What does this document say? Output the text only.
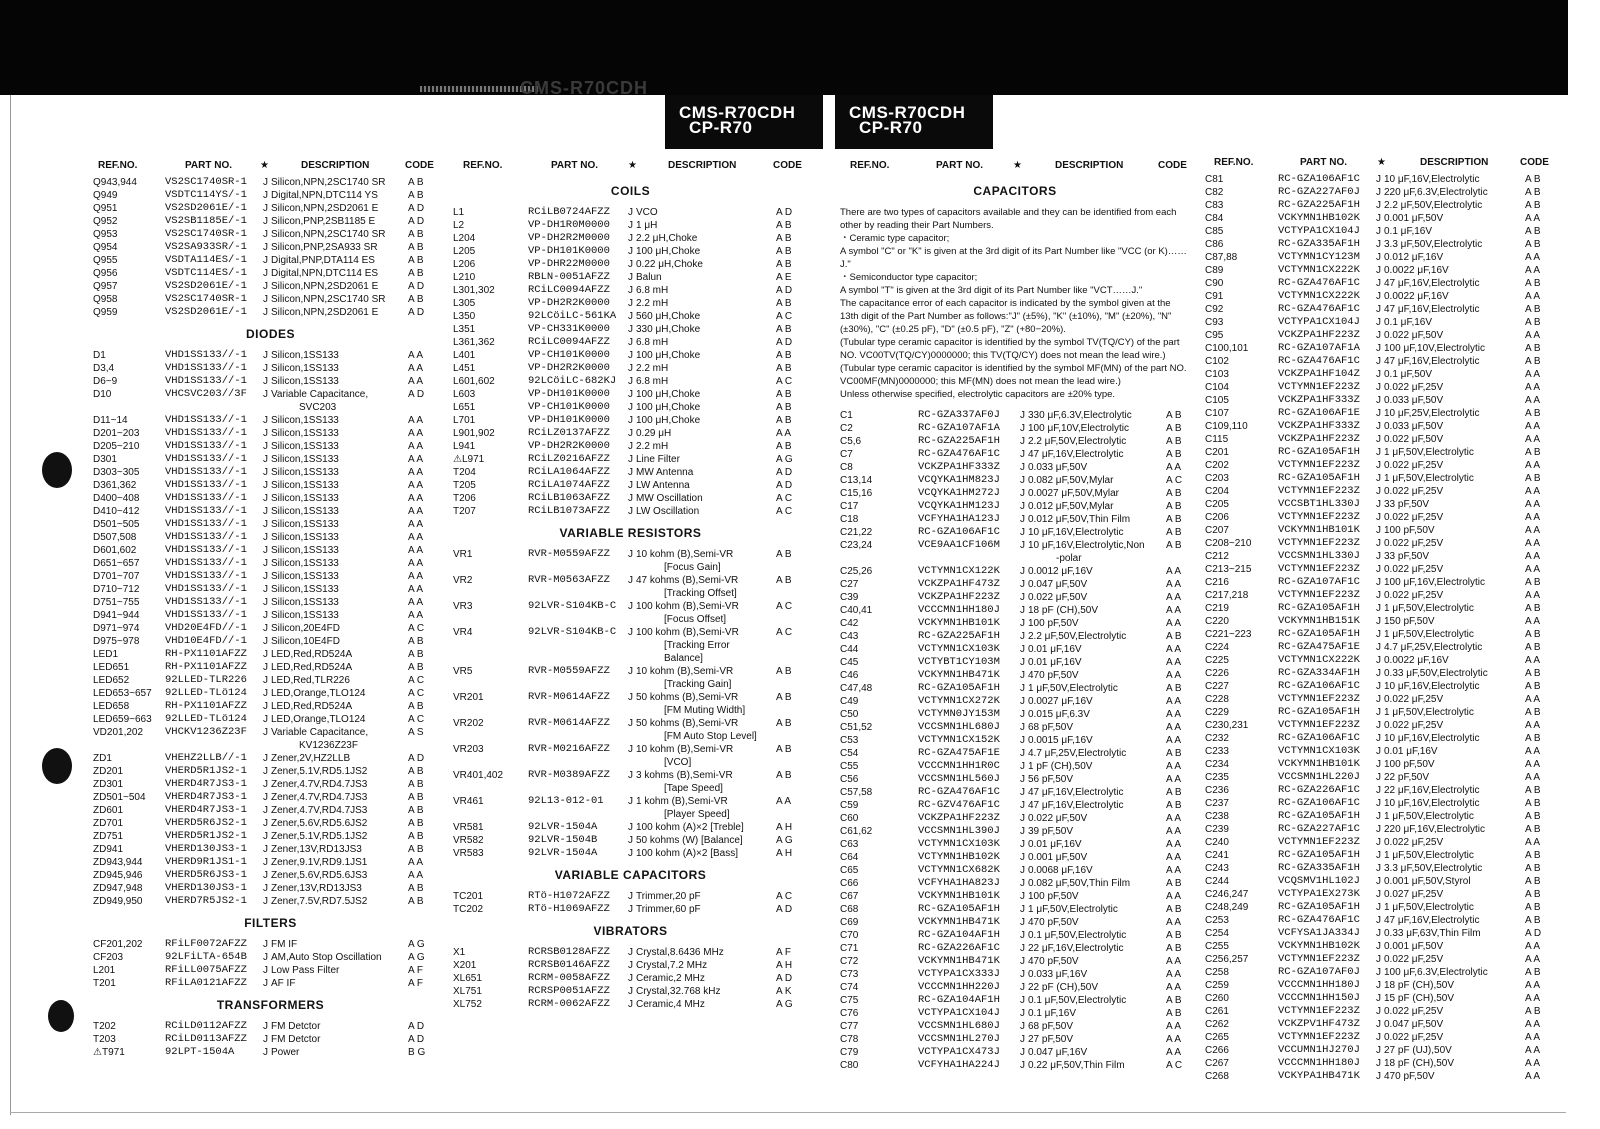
CMS-R70CDH
CMS-R70CDH
CP-R70
CMS-R70CDH
CP-R70
REF.NO.	PART NO.	★	DESCRIPTION	CODE
Q943,944	VS2SC1740SR-1 J Silicon,NPN,2SC1740 SR A B
Q949	VSDTC114YS/-1 J Digital,NPN,DTC114 YS	A B
Q951	VS2SD2061E/-1 J Silicon,NPN,2SD2061 E	A D
Q952	VS2SB1185E/-1 J Silicon,PNP,2SB1185 E	A D
Q953	VS2SC1740SR-1 J Silicon,NPN,2SC1740 SR A B
Q954	VS2SA933SR/-1 J Silicon,PNP,2SA933 SR	A B
Q955	VSDTA114ES/-1 J Digital,PNP,DTA114 ES	A B
Q956	VSDTC114ES/-1 J Digital,NPN,DTC114 ES	A B
Q957	VS2SD2061E/-1 J Silicon,NPN,2SD2061 E	A D
Q958	VS2SC1740SR-1 J Silicon,NPN,2SC1740 SR A B
Q959	VS2SD2061E/-1 J Silicon,NPN,2SD2061 E	A D
DIODES
D1	VHD1SS133//-1 J Silicon,1SS133	A A
D3,4	VHD1SS133//-1 J Silicon,1SS133	A A
D6~9	VHD1SS133//-1 J Silicon,1SS133	A A
D10	VHCSVC203//3F J Variable Capacitance,	A D
SVC203
D11~14	VHD1SS133//-1 J Silicon,1SS133	A A
D201~203 VHD1SS133//-1 J Silicon,1SS133	A A
D205~210 VHD1SS133//-1 J Silicon,1SS133	A A
D301	VHD1SS133//-1 J Silicon,1SS133	A A
D303~305 VHD1SS133//-1 J Silicon,1SS133	A A
D361,362	VHD1SS133//-1 J Silicon,1SS133	A A
D400~408 VHD1SS133//-1 J Silicon,1SS133	A A
D410~412 VHD1SS133//-1 J Silicon,1SS133	A A
D501~505 VHD1SS133//-1 J Silicon,1SS133	A A
D507,508	VHD1SS133//-1 J Silicon,1SS133	A A
D601,602	VHD1SS133//-1 J Silicon,1SS133	A A
D651~657 VHD1SS133//-1 J Silicon,1SS133	A A
D701~707 VHD1SS133//-1 J Silicon,1SS133	A A
D710~712 VHD1SS133//-1 J Silicon,1SS133	A A
D751~755 VHD1SS133//-1 J Silicon,1SS133	A A
D941~944 VHD1SS133//-1 J Silicon,1SS133	A A
D971~974 VHD20E4FD//-1 J Silicon,20E4FD	A C
D975~978 VHD10E4FD//-1 J Silicon,10E4FD	A B
LED1	RH-PX1101AFZZ J LED,Red,RD524A	A B
LED651	RH-PX1101AFZZ J LED,Red,RD524A	A B
LED652	92LLED-TLR226 J LED,Red,TLR226	A C
LED653~657 92LLED-TLö124 J LED,Orange,TLO124	A C
LED658	RH-PX1101AFZZ J LED,Red,RD524A	A B
LED659~663 92LLED-TLö124 J LED,Orange,TLO124	A C
VD201,202 VHCKV1236Z23F J Variable Capacitance,	A S
KV1236Z23F
ZD1	VHEHZ2LLB//-1 J Zener,2V,HZ2LLB	A D
ZD201	VHERD5R1JS2-1 J Zener,5.1V,RD5.1JS2	A B
ZD301	VHERD4R7JS3-1 J Zener,4.7V,RD4.7JS3	A B
ZD501~504 VHERD4R7JS3-1 J Zener,4.7V,RD4.7JS3	A B
ZD601	VHERD4R7JS3-1 J Zener,4.7V,RD4.7JS3	A B
ZD701	VHERD5R6JS2-1 J Zener,5.6V,RD5.6JS2	A B
ZD751	VHERD5R1JS2-1 J Zener,5.1V,RD5.1JS2	A B
ZD941	VHERD130JS3-1 J Zener,13V,RD13JS3	A B
ZD943,944 VHERD9R1JS1-1 J Zener,9.1V,RD9.1JS1	A A
ZD945,946 VHERD5R6JS3-1 J Zener,5.6V,RD5.6JS3	A A
ZD947,948 VHERD130JS3-1 J Zener,13V,RD13JS3	A B
ZD949,950 VHERD7R5JS2-1 J Zener,7.5V,RD7.5JS2	A B
FILTERS
CF201,202 RFiLF0072AFZZ J FM IF	A G
CF203	92LFiLTA-654B J AM,Auto Stop Oscillation	A G
L201	RFiLL0075AFZZ J Low Pass Filter	A F
T201	RFiLA0121AFZZ J AF IF	A F
TRANSFORMERS
T202	RCiLD0112AFZZ J FM Detctor	A D
T203	RCiLD0113AFZZ J FM Detctor	A D
⚠T971	92LPT-1504A	J Power	B G
REF.NO.	PART NO.	★	DESCRIPTION	CODE
COILS
L1	RCiLB0724AFZZ J VCO	A D
L2	VP-DH1R0M0000 J 1 μH	A B
L204	VP-DH2R2M0000 J 2.2 μH,Choke	A B
L205	VP-DH101K0000 J 100 μH,Choke	A B
L206	VP-DHR22M0000 J 0.22 μH,Choke	A B
L210	RBLN-0051AFZZ J Balun	A E
L301,302	RCiLC0094AFZZ J 6.8 mH	A D
L305	VP-DH2R2K0000 J 2.2 mH	A B
L350	92LCöiLC-561KA J 560 μH,Choke	A C
L351	VP-CH331K0000 J 330 μH,Choke	A B
L361,362	RCiLC0094AFZZ J 6.8 mH	A D
L401	VP-CH101K0000 J 100 μH,Choke	A B
L451	VP-DH2R2K0000 J 2.2 mH	A B
L601,602	92LCöiLC-682KJ J 6.8 mH	A C
L603	VP-DH101K0000 J 100 μH,Choke	A B
L651	VP-CH101K0000 J 100 μH,Choke	A B
L701	VP-DH101K0000 J 100 μH,Choke	A B
L901,902	RCiLZ0137AFZZ J 0.29 μH	A A
L941	VP-DH2R2K0000 J 2.2 mH	A B
⚠L971	RCiLZ0216AFZZ J Line Filter	A G
T204	RCiLA1064AFZZ J MW Antenna	A D
T205	RCiLA1074AFZZ J LW Antenna	A D
T206	RCiLB1063AFZZ J MW Oscillation	A C
T207	RCiLB1073AFZZ J LW Oscillation	A C
VARIABLE RESISTORS
VR1	RVR-M0559AFZZ J 10 kohm (B),Semi-VR	A B
[Focus Gain]
VR2	RVR-M0563AFZZ J 47 kohms (B),Semi-VR	A B
[Tracking Offset]
VR3	92LVR-S104KB-C J 100 kohm (B),Semi-VR	A C
[Focus Offset]
VR4	92LVR-S104KB-C J 100 kohm (B),Semi-VR	A C
[Tracking Error
Balance]
VR5	RVR-M0559AFZZ J 10 kohm (B),Semi-VR	A B
[Tracking Gain]
VR201	RVR-M0614AFZZ J 50 kohms (B),Semi-VR	A B
[FM Muting Width]
VR202	RVR-M0614AFZZ J 50 kohms (B),Semi-VR	A B
[FM Auto Stop Level]
VR203	RVR-M0216AFZZ J 10 kohm (B),Semi-VR	A B
[VCO]
VR401,402 RVR-M0389AFZZ J 3 kohms (B),Semi-VR	A B
[Tape Speed]
VR461	92L13-012-01 J 1 kohm (B),Semi-VR	A A
[Player Speed]
VR581	92LVR-1504A	J 100 kohm (A)×2 [Treble]	A H
VR582	92LVR-1504B	J 50 kohms (W) [Balance]	A G
VR583	92LVR-1504A	J 100 kohm (A)×2 [Bass]	A H
VARIABLE CAPACITORS
TC201	RTö-H1072AFZZ J Trimmer,20 pF	A C
TC202	RTö-H1069AFZZ J Trimmer,60 pF	A D
VIBRATORS
X1	RCRSB0128AFZZ J Crystal,8.6436 MHz	A F
X201	RCRSB0146AFZZ J Crystal,7.2 MHz	A H
XL651	RCRM-0058AFZZ J Ceramic,2 MHz	A D
XL751	RCRSP0051AFZZ J Crystal,32.768 kHz	A K
XL752	RCRM-0062AFZZ J Ceramic,4 MHz	A G
REF.NO.	PART NO.	★	DESCRIPTION	CODE
CAPACITORS
There are two types of capacitors available and they can be identified from each other by reading their Part Numbers.
・Ceramic type capacitor;
A symbol "C" or "K" is given at the 3rd digit of its Part Number like "VCC (or K)……J."
・Semiconductor type capacitor;
A symbol "T" is given at the 3rd digit of its Part Number like "VCT……J."
The capacitance error of each capacitor is indicated by the symbol given at the 13th digit of the Part Number as follows:"J" (±5%), "K" (±10%), "M" (±20%), "N" (±30%), "C" (±0.25 pF), "D" (±0.5 pF), "Z" (+80−20%).
(Tubular type ceramic capacitor is identified by the symbol TV(TQ/CY) of the part NO. VC00TV(TQ/CY)0000000; this TV(TQ/CY) does not mean the lead wire.)
(Tubular type ceramic capacitor is identified by the symbol MF(MN) of the part NO. VC00MF(MN)0000000; this MF(MN) does not mean the lead wire.)
Unless otherwise specified, electrolytic capacitors are ±20% type.
C1	RC-GZA337AF0J J 330 μF,6.3V,Electrolytic	A B
C2	RC-GZA107AF1A J 100 μF,10V,Electrolytic	A B
C5,6	RC-GZA225AF1H J 2.2 μF,50V,Electrolytic	A B
C7	RC-GZA476AF1C J 47 μF,16V,Electrolytic	A B
C8	VCKZPA1HF333Z J 0.033 μF,50V	A A
C13,14	VCQYKA1HM823J J 0.082 μF,50V,Mylar	A C
C15,16	VCQYKA1HM272J J 0.0027 μF,50V,Mylar	A B
C17	VCQYKA1HM123J J 0.012 μF,50V,Mylar	A B
C18	VCFYHA1HA123J J 0.012 μF,50V,Thin Film	A B
C21,22	RC-GZA106AF1C J 10 μF,16V,Electrolytic	A B
C23,24	VCE9AA1CF106M J 10 μF,16V,Electrolytic,Non A B
-polar
C25,26	VCTYMN1CX122K J 0.0012 μF,16V	A A
C27	VCKZPA1HF473Z J 0.047 μF,50V	A A
C39	VCKZPA1HF223Z J 0.022 μF,50V	A A
C40,41	VCCCMN1HH180J J 18 pF (CH),50V	A A
C42	VCKYMN1HB101K J 100 pF,50V	A A
C43	RC-GZA225AF1H J 2.2 μF,50V,Electrolytic	A B
C44	VCTYMN1CX103K J 0.01 μF,16V	A A
C45	VCTYBT1CY103M J 0.01 μF,16V	A A
C46	VCKYMN1HB471K J 470 pF,50V	A A
C47,48	RC-GZA105AF1H J 1 μF,50V,Electrolytic	A B
C49	VCTYMN1CX272K J 0.0027 μF,16V	A A
C50	VCTYMN0JY153M J 0.015 μF,6.3V	A A
C51,52	VCCSMN1HL680J J 68 pF,50V	A A
C53	VCTYMN1CX152K J 0.0015 μF,16V	A A
C54	RC-GZA475AF1E J 4.7 μF,25V,Electrolytic	A B
C55	VCCCMN1HH1R0C J 1 pF (CH),50V	A A
C56	VCCSMN1HL560J J 56 pF,50V	A A
C57,58	RC-GZA476AF1C J 47 μF,16V,Electrolytic	A B
C59	RC-GZV476AF1C J 47 μF,16V,Electrolytic	A B
C60	VCKZPA1HF223Z J 0.022 μF,50V	A A
C61,62	VCCSMN1HL390J J 39 pF,50V	A A
C63	VCTYMN1CX103K J 0.01 μF,16V	A A
C64	VCTYMN1HB102K J 0.001 μF,50V	A A
C65	VCTYMN1CX682K J 0.0068 μF,16V	A A
C66	VCFYHA1HA823J J 0.082 μF,50V,Thin Film	A B
C67	VCKYMN1HB101K J 100 pF,50V	A A
C68	RC-GZA105AF1H J 1 μF,50V,Electrolytic	A B
C69	VCKYMN1HB471K J 470 pF,50V	A A
C70	RC-GZA104AF1H J 0.1 μF,50V,Electrolytic	A B
C71	RC-GZA226AF1C J 22 μF,16V,Electrolytic	A B
C72	VCKYMN1HB471K J 470 pF,50V	A A
C73	VCTYPA1CX333J J 0.033 μF,16V	A A
C74	VCCCMN1HH220J J 22 pF (CH),50V	A A
C75	RC-GZA104AF1H J 0.1 μF,50V,Electrolytic	A B
C76	VCTYPA1CX104J J 0.1 μF,16V	A B
C77	VCCSMN1HL680J J 68 pF,50V	A A
C78	VCCSMN1HL270J J 27 pF,50V	A A
C79	VCTYPA1CX473J J 0.047 μF,16V	A A
C80	VCFYHA1HA224J J 0.22 μF,50V,Thin Film	A C
REF.NO.	PART NO.	★	DESCRIPTION	CODE
C81	RC-GZA106AF1C J 10 μF,16V,Electrolytic	A B
C82	RC-GZA227AF0J J 220 μF,6.3V,Electrolytic	A B
C83	RC-GZA225AF1H J 2.2 μF,50V,Electrolytic	A B
C84	VCKYMN1HB102K J 0.001 μF,50V	A A
C85	VCTYPA1CX104J J 0.1 μF,16V	A B
C86	RC-GZA335AF1H J 3.3 μF,50V,Electrolytic	A B
C87,88	VCTYMN1CY123M J 0.012 μF,16V	A A
C89	VCTYMN1CX222K J 0.0022 μF,16V	A A
C90	RC-GZA476AF1C J 47 μF,16V,Electrolytic	A B
C91	VCTYMN1CX222K J 0.0022 μF,16V	A A
C92	RC-GZA476AF1C J 47 μF,16V,Electrolytic	A B
C93	VCTYPA1CX104J J 0.1 μF,16V	A B
C95	VCKZPA1HF223Z J 0.022 μF,50V	A A
C100,101	RC-GZA107AF1A J 100 μF,10V,Electrolytic	A B
C102	RC-GZA476AF1C J 47 μF,16V,Electrolytic	A B
C103	VCKZPA1HF104Z J 0.1 μF,50V	A A
C104	VCTYMN1EF223Z J 0.022 μF,25V	A A
C105	VCKZPA1HF333Z J 0.033 μF,50V	A A
C107	RC-GZA106AF1E J 10 μF,25V,Electrolytic	A B
C109,110	VCKZPA1HF333Z J 0.033 μF,50V	A A
C115	VCKZPA1HF223Z J 0.022 μF,50V	A A
C201	RC-GZA105AF1H J 1 μF,50V,Electrolytic	A B
C202	VCTYMN1EF223Z J 0.022 μF,25V	A A
C203	RC-GZA105AF1H J 1 μF,50V,Electrolytic	A B
C204	VCTYMN1EF223Z J 0.022 μF,25V	A A
C205	VCCSBT1HL330J J 33 pF,50V	A A
C206	VCTYMN1EF223Z J 0.022 μF,25V	A A
C207	VCKYMN1HB101K J 100 pF,50V	A A
C208~210	VCTYMN1EF223Z J 0.022 μF,25V	A A
C212	VCCSMN1HL330J J 33 pF,50V	A A
C213~215	VCTYMN1EF223Z J 0.022 μF,25V	A A
C216	RC-GZA107AF1C J 100 μF,16V,Electrolytic	A B
C217,218	VCTYMN1EF223Z J 0.022 μF,25V	A A
C219	RC-GZA105AF1H J 1 μF,50V,Electrolytic	A B
C220	VCKYMN1HB151K J 150 pF,50V	A A
C221~223	RC-GZA105AF1H J 1 μF,50V,Electrolytic	A B
C224	RC-GZA475AF1E J 4.7 μF,25V,Electrolytic	A B
C225	VCTYMN1CX222K J 0.0022 μF,16V	A A
C226	RC-GZA334AF1H J 0.33 μF,50V,Electrolytic	A B
C227	RC-GZA106AF1C J 10 μF,16V,Electrolytic	A B
C228	VCTYMN1EF223Z J 0.022 μF,25V	A A
C229	RC-GZA105AF1H J 1 μF,50V,Electrolytic	A B
C230,231	VCTYMN1EF223Z J 0.022 μF,25V	A A
C232	RC-GZA106AF1C J 10 μF,16V,Electrolytic	A B
C233	VCTYMN1CX103K J 0.01 μF,16V	A A
C234	VCKYMN1HB101K J 100 pF,50V	A A
C235	VCCSMN1HL220J J 22 pF,50V	A A
C236	RC-GZA226AF1C J 22 μF,16V,Electrolytic	A B
C237	RC-GZA106AF1C J 10 μF,16V,Electrolytic	A B
C238	RC-GZA105AF1H J 1 μF,50V,Electrolytic	A B
C239	RC-GZA227AF1C J 220 μF,16V,Electrolytic	A B
C240	VCTYMN1EF223Z J 0.022 μF,25V	A A
C241	RC-GZA105AF1H J 1 μF,50V,Electrolytic	A B
C243	RC-GZA335AF1H J 3.3 μF,50V,Electrolytic	A B
C244	VCQSMV1HL102J J 0.001 μF,50V,Styrol	A B
C246,247	VCTYPA1EX273K J 0.027 μF,25V	A B
C248,249	RC-GZA105AF1H J 1 μF,50V,Electrolytic	A B
C253	RC-GZA476AF1C J 47 μF,16V,Electrolytic	A B
C254	VCFYSA1JA334J J 0.33 μF,63V,Thin Film	A D
C255	VCKYMN1HB102K J 0.001 μF,50V	A A
C256,257	VCTYMN1EF223Z J 0.022 μF,25V	A A
C258	RC-GZA107AF0J J 100 μF,6.3V,Electrolytic	A B
C259	VCCCMN1HH180J J 18 pF (CH),50V	A A
C260	VCCCMN1HH150J J 15 pF (CH),50V	A A
C261	VCTYMN1EF223Z J 0.022 μF,25V	A B
C262	VCKZPV1HF473Z J 0.047 μF,50V	A A
C265	VCTYMN1EF223Z J 0.022 μF,25V	A A
C266	VCCUMN1HJ270J J 27 pF (UJ),50V	A A
C267	VCCCMN1HH180J J 18 pF (CH),50V	A A
C268	VCKYPA1HB471K J 470 pF,50V	A A
